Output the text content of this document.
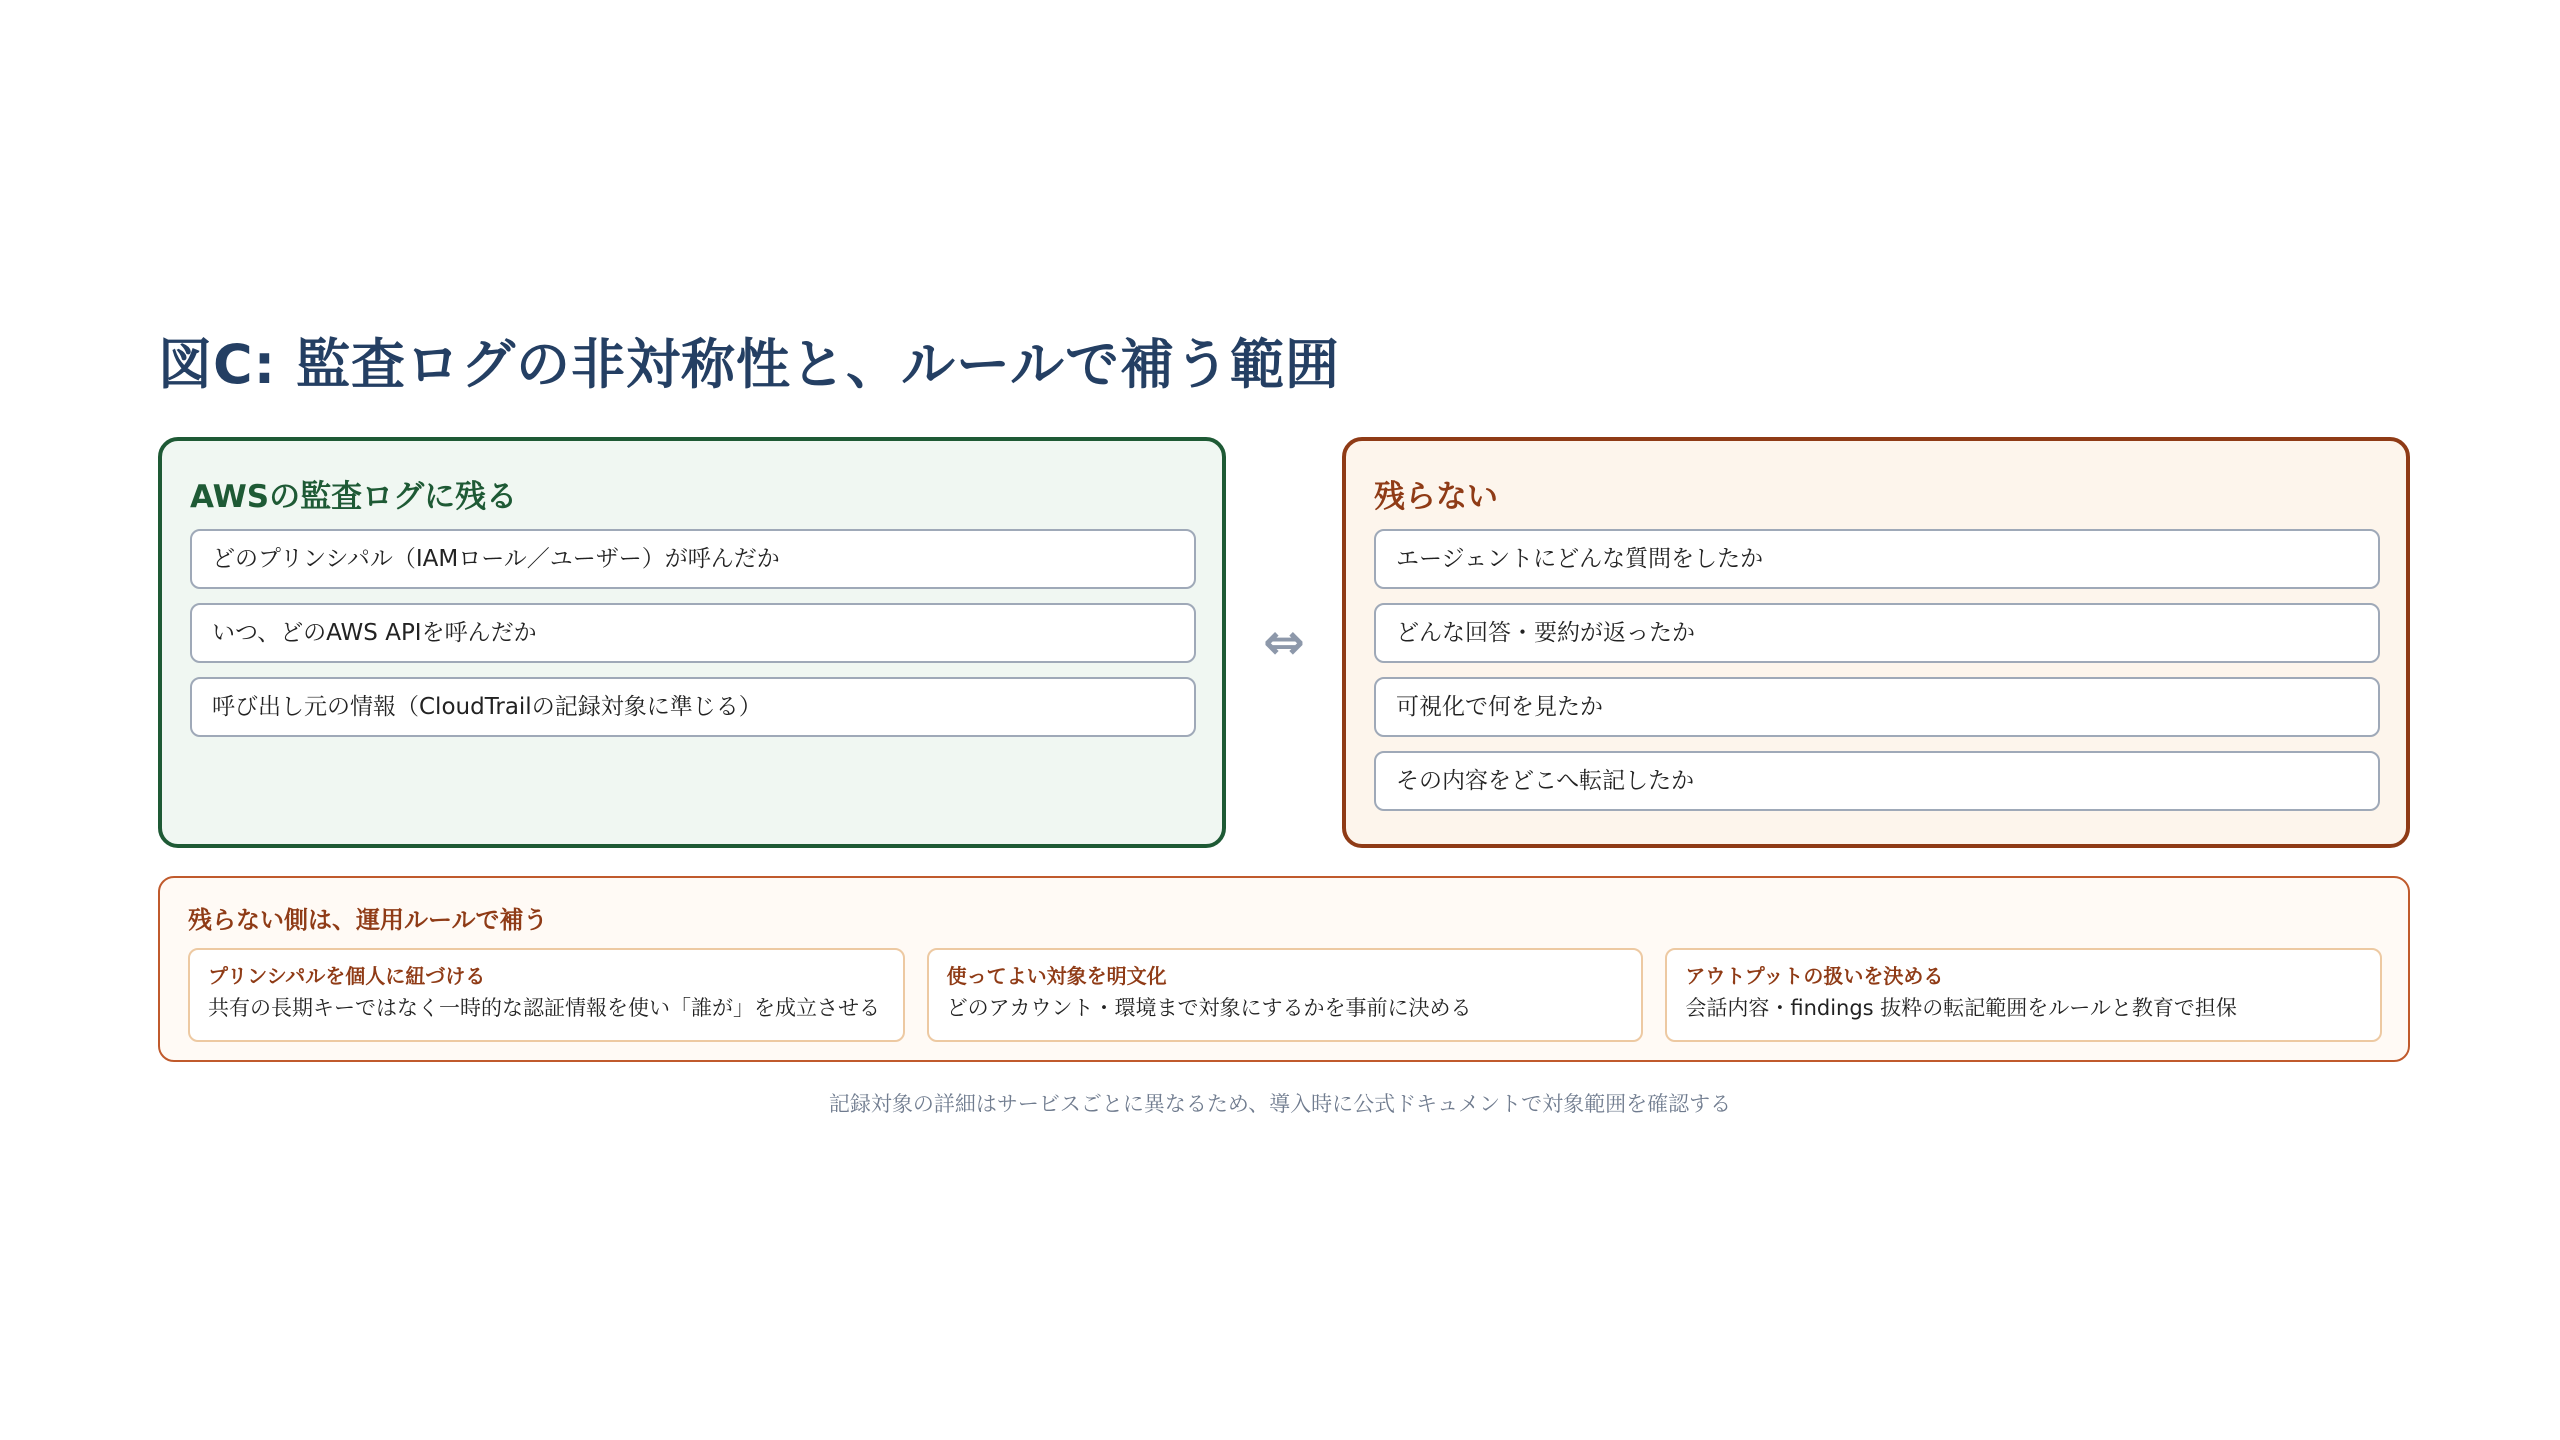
図C: 監査ログの非対称性と、ルールで補う範囲
AWSの監査ログに残る
どのプリンシパル（IAMロール／ユーザー）が呼んだか
いつ、どのAWS APIを呼んだか
呼び出し元の情報（CloudTrailの記録対象に準じる）
⇔
残らない
エージェントにどんな質問をしたか
どんな回答・要約が返ったか
可視化で何を見たか
その内容をどこへ転記したか
残らない側は、運用ルールで補う
プリンシパルを個人に紐づける
共有の長期キーではなく一時的な認証情報を使い「誰が」を成立させる
使ってよい対象を明文化
どのアカウント・環境まで対象にするかを事前に決める
アウトプットの扱いを決める
会話内容・findings 抜粋の転記範囲をルールと教育で担保
記録対象の詳細はサービスごとに異なるため、導入時に公式ドキュメントで対象範囲を確認する
